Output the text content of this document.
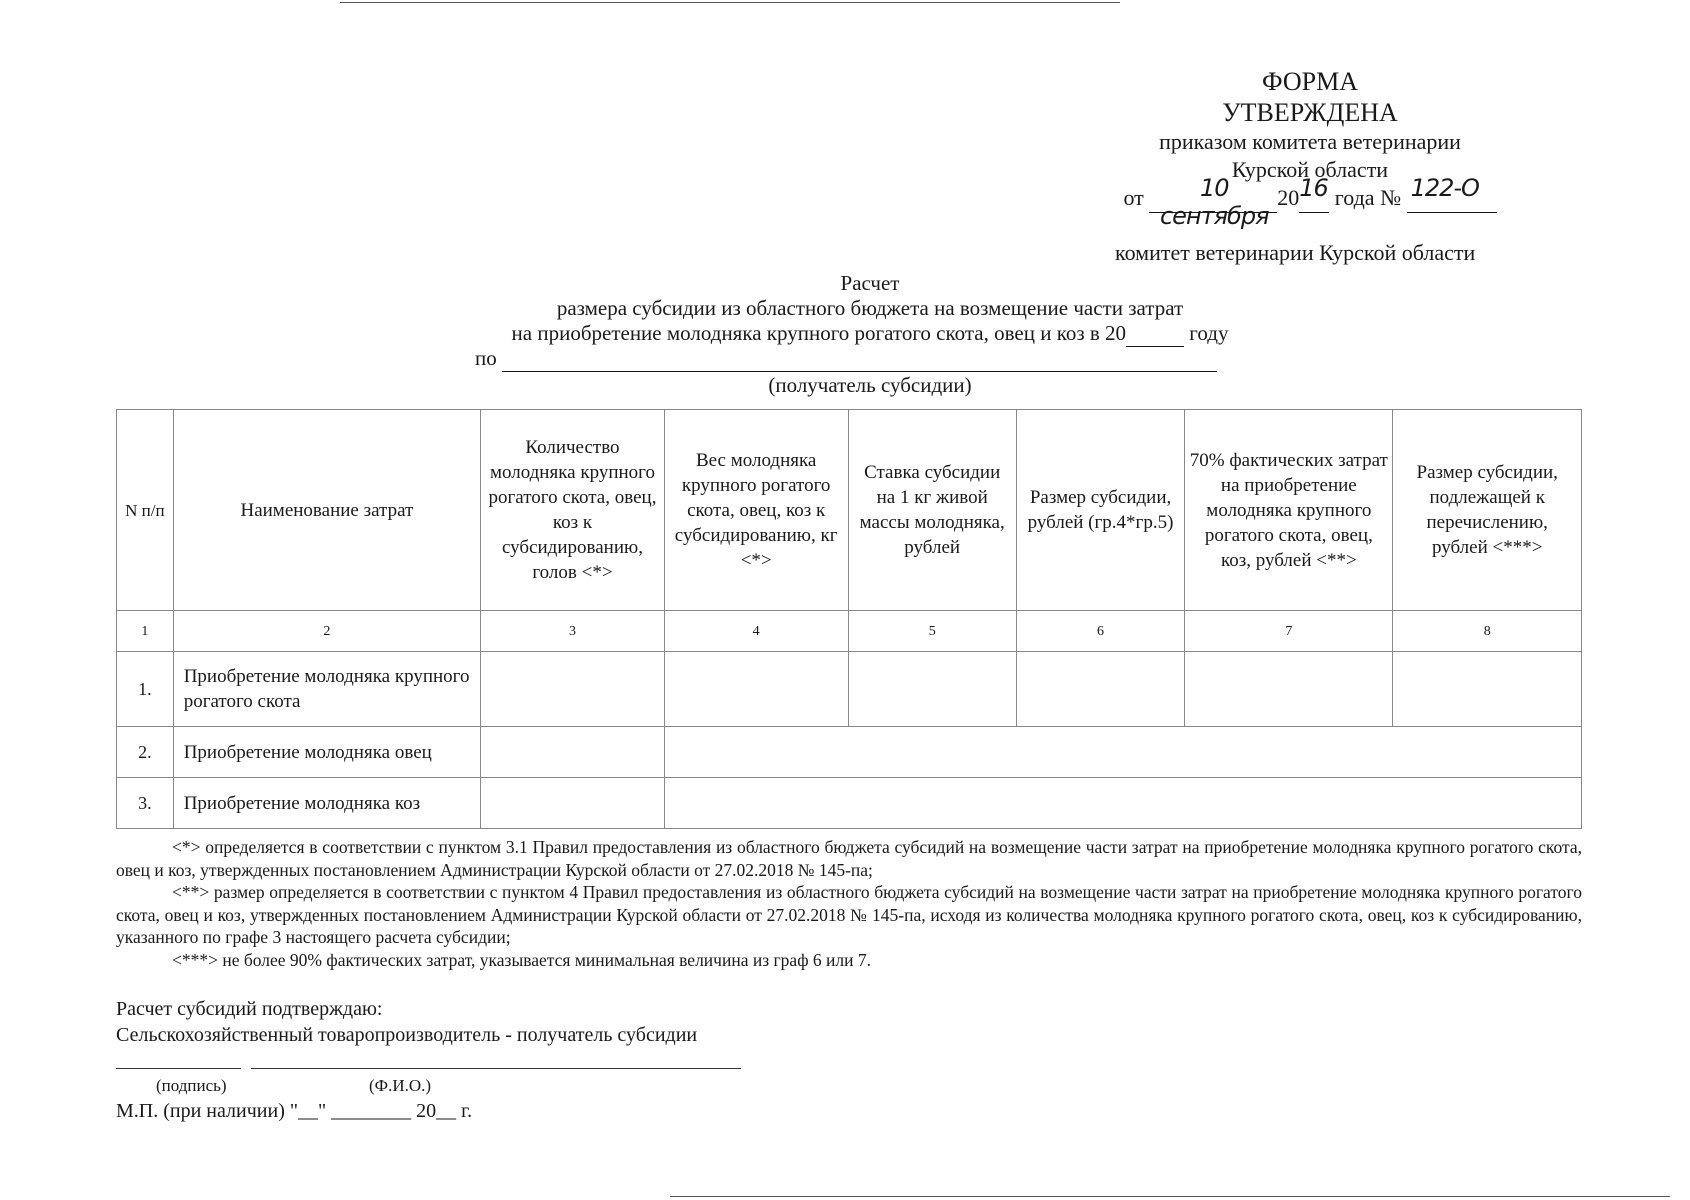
ФОРМА
УТВЕРЖДЕНА
приказом комитета ветеринарии
Курской области
от	10 сентября
20 16 года № 122-О

комитет ветеринарии Курской области
Расчет
размера субсидии из областного бюджета на возмещение части затрат
на приобретение молодняка крупного рогатого скота, овец и коз в 20	году
по
(получатель субсидии)
N п/п	Наименование затрат	Количество молодняка крупного рогатого скота, овец, коз к субсидированию, голов <*>	Вес молодняка крупного рогатого скота, овец, коз к субсидированию, кг <*>	Ставка субсидии на 1 кг живой массы молодняка, рублей	Размер субсидии, рублей (гр.4*гр.5)	70% фактических затрат на приобретение молодняка крупного рогатого скота, овец, коз, рублей <**>	Размер субсидии, подлежащей к перечислению, рублей <***>
1	2	3	4	5	6	7	8
1.	Приобретение молодняка крупного рогатого скота						
2.	Приобретение молодняка овец						
3.	Приобретение молодняка коз						

<*> определяется в соответствии с пунктом 3.1 Правил предоставления из областного бюджета субсидий на возмещение части затрат на приобретение молодняка крупного рогатого скота, овец и коз, утвержденных постановлением Администрации Курской области от 27.02.2018 № 145-па;

<**> размер определяется в соответствии с пунктом 4 Правил предоставления из областного бюджета субсидий на возмещение части затрат на приобретение молодняка крупного рогатого скота, овец и коз, утвержденных постановлением Администрации Курской области от 27.02.2018 № 145-па, исходя из количества молодняка крупного рогатого скота, овец, коз к субсидированию, указанного по графе 3 настоящего расчета субсидии;

<***> не более 90% фактических затрат, указывается минимальная величина из граф 6 или 7.

Расчет субсидий подтверждаю:
Сельскохозяйственный товаропроизводитель - получатель субсидии
(подпись)	(Ф.И.О.)
М.П. (при наличии) "__" ________ 20__ г.
